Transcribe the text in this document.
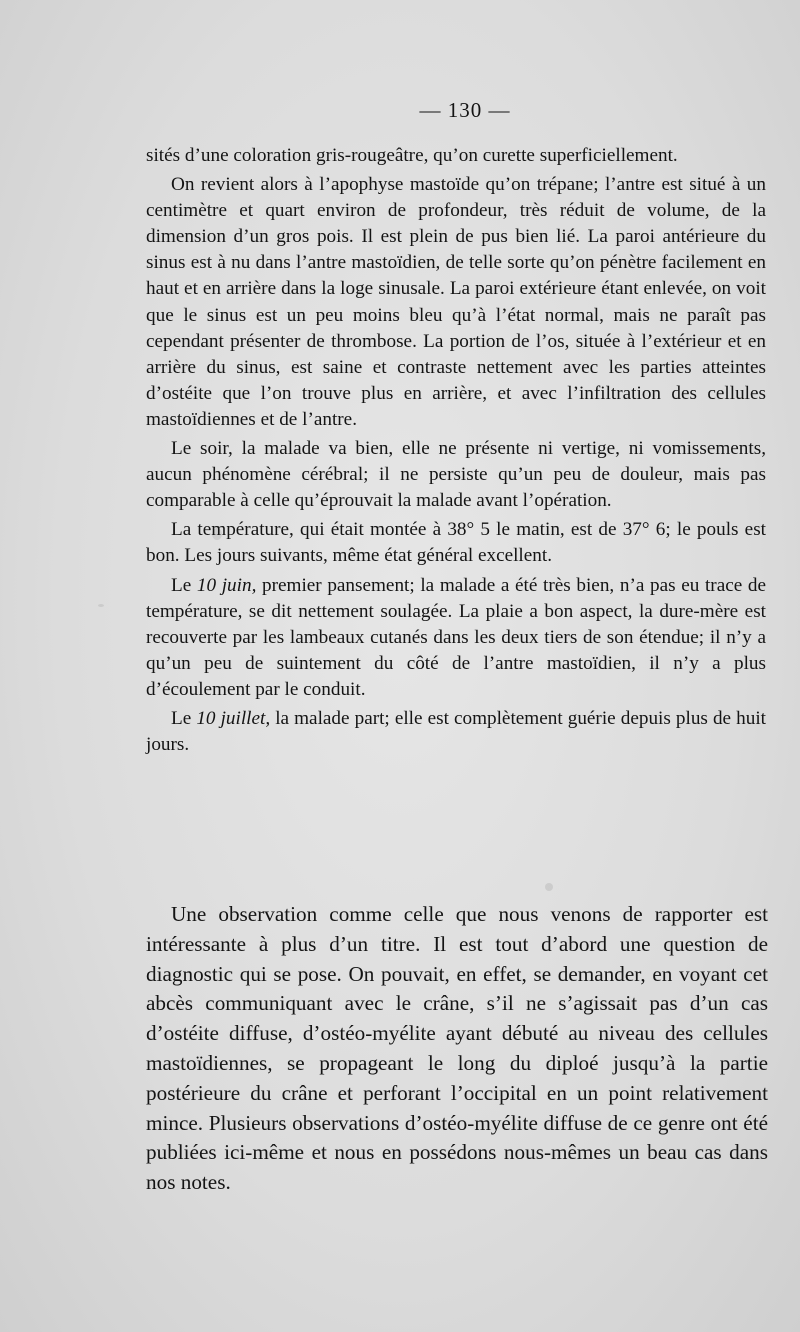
— 130 —

sités d’une coloration gris-rougeâtre, qu’on curette superficiellement.

On revient alors à l’apophyse mastoïde qu’on trépane; l’antre est situé à un centimètre et quart environ de profondeur, très réduit de volume, de la dimension d’un gros pois. Il est plein de pus bien lié. La paroi antérieure du sinus est à nu dans l’antre mastoïdien, de telle sorte qu’on pénètre facilement en haut et en arrière dans la loge sinusale. La paroi extérieure étant enlevée, on voit que le sinus est un peu moins bleu qu’à l’état normal, mais ne paraît pas cependant présenter de thrombose. La portion de l’os, située à l’extérieur et en arrière du sinus, est saine et contraste nettement avec les parties atteintes d’ostéite que l’on trouve plus en arrière, et avec l’infiltration des cellules mastoïdiennes et de l’antre.

Le soir, la malade va bien, elle ne présente ni vertige, ni vomissements, aucun phénomène cérébral; il ne persiste qu’un peu de douleur, mais pas comparable à celle qu’éprouvait la malade avant l’opération.

La température, qui était montée à 38° 5 le matin, est de 37° 6; le pouls est bon. Les jours suivants, même état général excellent.

Le 10 juin, premier pansement; la malade a été très bien, n’a pas eu trace de température, se dit nettement soulagée. La plaie a bon aspect, la dure-mère est recouverte par les lambeaux cutanés dans les deux tiers de son étendue; il n’y a qu’un peu de suintement du côté de l’antre mastoïdien, il n’y a plus d’écoulement par le conduit.

Le 10 juillet, la malade part; elle est complètement guérie depuis plus de huit jours.

Une observation comme celle que nous venons de rapporter est intéressante à plus d’un titre. Il est tout d’abord une question de diagnostic qui se pose. On pouvait, en effet, se demander, en voyant cet abcès communiquant avec le crâne, s’il ne s’agissait pas d’un cas d’ostéite diffuse, d’ostéo-myélite ayant débuté au niveau des cellules mastoïdiennes, se propageant le long du diploé jusqu’à la partie postérieure du crâne et perforant l’occipital en un point relativement mince. Plusieurs observations d’ostéo-myélite diffuse de ce genre ont été publiées ici-même et nous en possédons nous-mêmes un beau cas dans nos notes.
